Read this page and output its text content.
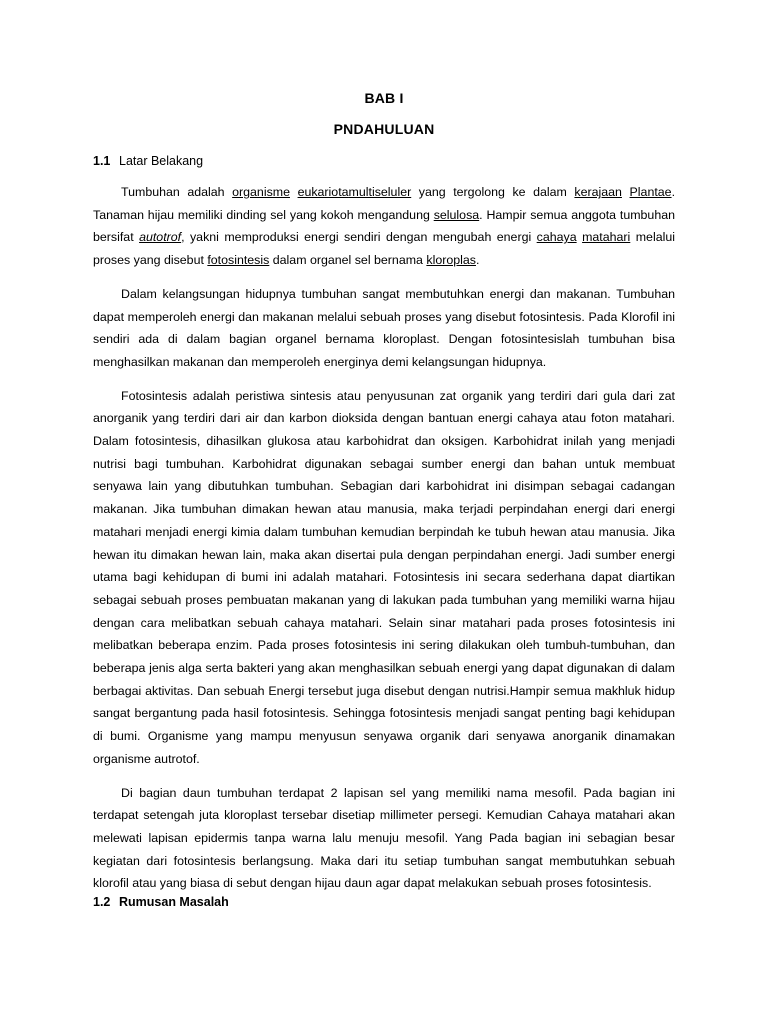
BAB I
PNDAHULUAN
1.1 Latar Belakang

Tumbuhan adalah organisme eukariotamultiseluler yang tergolong ke dalam kerajaan Plantae. Tanaman hijau memiliki dinding sel yang kokoh mengandung selulosa. Hampir semua anggota tumbuhan bersifat autotrof, yakni memproduksi energi sendiri dengan mengubah energi cahaya matahari melalui proses yang disebut fotosintesis dalam organel sel bernama kloroplas.

Dalam kelangsungan hidupnya tumbuhan sangat membutuhkan energi dan makanan. Tumbuhan dapat memperoleh energi dan makanan melalui sebuah proses yang disebut fotosintesis. Pada Klorofil ini sendiri ada di dalam bagian organel bernama kloroplast. Dengan fotosintesislah tumbuhan bisa menghasilkan makanan dan memperoleh energinya demi kelangsungan hidupnya.

Fotosintesis adalah peristiwa sintesis atau penyusunan zat organik yang terdiri dari gula dari zat anorganik yang terdiri dari air dan karbon dioksida dengan bantuan energi cahaya atau foton matahari. Dalam fotosintesis, dihasilkan glukosa atau karbohidrat dan oksigen. Karbohidrat inilah yang menjadi nutrisi bagi tumbuhan. Karbohidrat digunakan sebagai sumber energi dan bahan untuk membuat senyawa lain yang dibutuhkan tumbuhan. Sebagian dari karbohidrat ini disimpan sebagai cadangan makanan. Jika tumbuhan dimakan hewan atau manusia, maka terjadi perpindahan energi dari energi matahari menjadi energi kimia dalam tumbuhan kemudian berpindah ke tubuh hewan atau manusia. Jika hewan itu dimakan hewan lain, maka akan disertai pula dengan perpindahan energi. Jadi sumber energi utama bagi kehidupan di bumi ini adalah matahari. Fotosintesis ini secara sederhana dapat diartikan sebagai sebuah proses pembuatan makanan yang di lakukan pada tumbuhan yang memiliki warna hijau dengan cara melibatkan sebuah cahaya matahari. Selain sinar matahari pada proses fotosintesis ini melibatkan beberapa enzim. Pada proses fotosintesis ini sering dilakukan oleh tumbuh-tumbuhan, dan beberapa jenis alga serta bakteri yang akan menghasilkan sebuah energi yang dapat digunakan di dalam berbagai aktivitas. Dan sebuah Energi tersebut juga disebut dengan nutrisi.Hampir semua makhluk hidup sangat bergantung pada hasil fotosintesis. Sehingga fotosintesis menjadi sangat penting bagi kehidupan di bumi. Organisme yang mampu menyusun senyawa organik dari senyawa anorganik dinamakan organisme autrotof.

Di bagian daun tumbuhan terdapat 2 lapisan sel yang memiliki nama mesofil. Pada bagian ini terdapat setengah juta kloroplast tersebar disetiap millimeter persegi. Kemudian Cahaya matahari akan melewati lapisan epidermis tanpa warna lalu menuju mesofil. Yang Pada bagian ini sebagian besar kegiatan dari fotosintesis berlangsung. Maka dari itu setiap tumbuhan sangat membutuhkan sebuah klorofil atau yang biasa di sebut dengan hijau daun agar dapat melakukan sebuah proses fotosintesis.

1.2 Rumusan Masalah
